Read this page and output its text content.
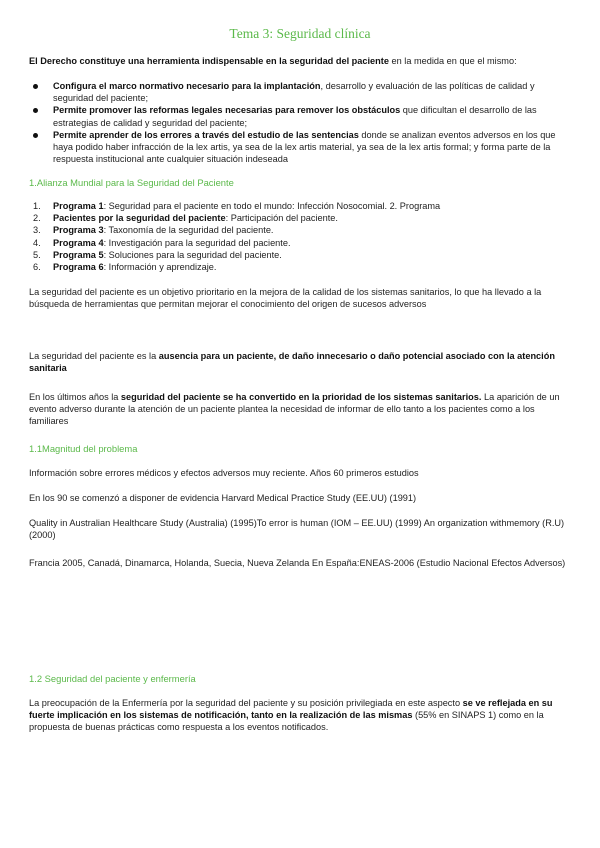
Tema 3: Seguridad clínica

El Derecho constituye una herramienta indispensable en la seguridad del paciente en la medida en que el mismo:

Configura el marco normativo necesario para la implantación, desarrollo y evaluación de las políticas de calidad y seguridad del paciente;
Permite promover las reformas legales necesarias para remover los obstáculos que dificultan el desarrollo de las estrategias de calidad y seguridad del paciente;
Permite aprender de los errores a través del estudio de las sentencias donde se analizan eventos adversos en los que haya podido haber infracción de la lex artis, ya sea de la lex artis material, ya sea de la lex artis formal; y forma parte de la respuesta institucional ante cualquier situación indeseada
1.Alianza Mundial para la Seguridad del Paciente
1. Programa 1: Seguridad para el paciente en todo el mundo: Infección Nosocomial. 2. Programa
2. Pacientes por la seguridad del paciente: Participación del paciente.
3. Programa 3: Taxonomía de la seguridad del paciente.
4. Programa 4: Investigación para la seguridad del paciente.
5. Programa 5: Soluciones para la seguridad del paciente.
6. Programa 6: Información y aprendizaje.

La seguridad del paciente es un objetivo prioritario en la mejora de la calidad de los sistemas sanitarios, lo que ha llevado a la búsqueda de herramientas que permitan mejorar el conocimiento del origen de sucesos adversos

La seguridad del paciente es la ausencia para un paciente, de daño innecesario o daño potencial asociado con la atención sanitaria

En los últimos años la seguridad del paciente se ha convertido en la prioridad de los sistemas sanitarios. La aparición de un evento adverso durante la atención de un paciente plantea la necesidad de informar de ello tanto a los pacientes como a los familiares

1.1Magnitud del problema

Información sobre errores médicos y efectos adversos muy reciente. Años 60 primeros estudios

En los 90 se comenzó a disponer de evidencia Harvard Medical Practice Study (EE.UU) (1991)

Quality in Australian Healthcare Study (Australia) (1995)To error is human (IOM – EE.UU) (1999) An organization withmemory (R.U) (2000)

Francia 2005, Canadá, Dinamarca, Holanda, Suecia, Nueva Zelanda En España:ENEAS-2006 (Estudio Nacional Efectos Adversos)

1.2 Seguridad del paciente y enfermería

La preocupación de la Enfermería por la seguridad del paciente y su posición privilegiada en este aspecto se ve reflejada en su fuerte implicación en los sistemas de notificación, tanto en la realización de las mismas (55% en SINAPS 1) como en la propuesta de buenas prácticas como respuesta a los eventos notificados.
